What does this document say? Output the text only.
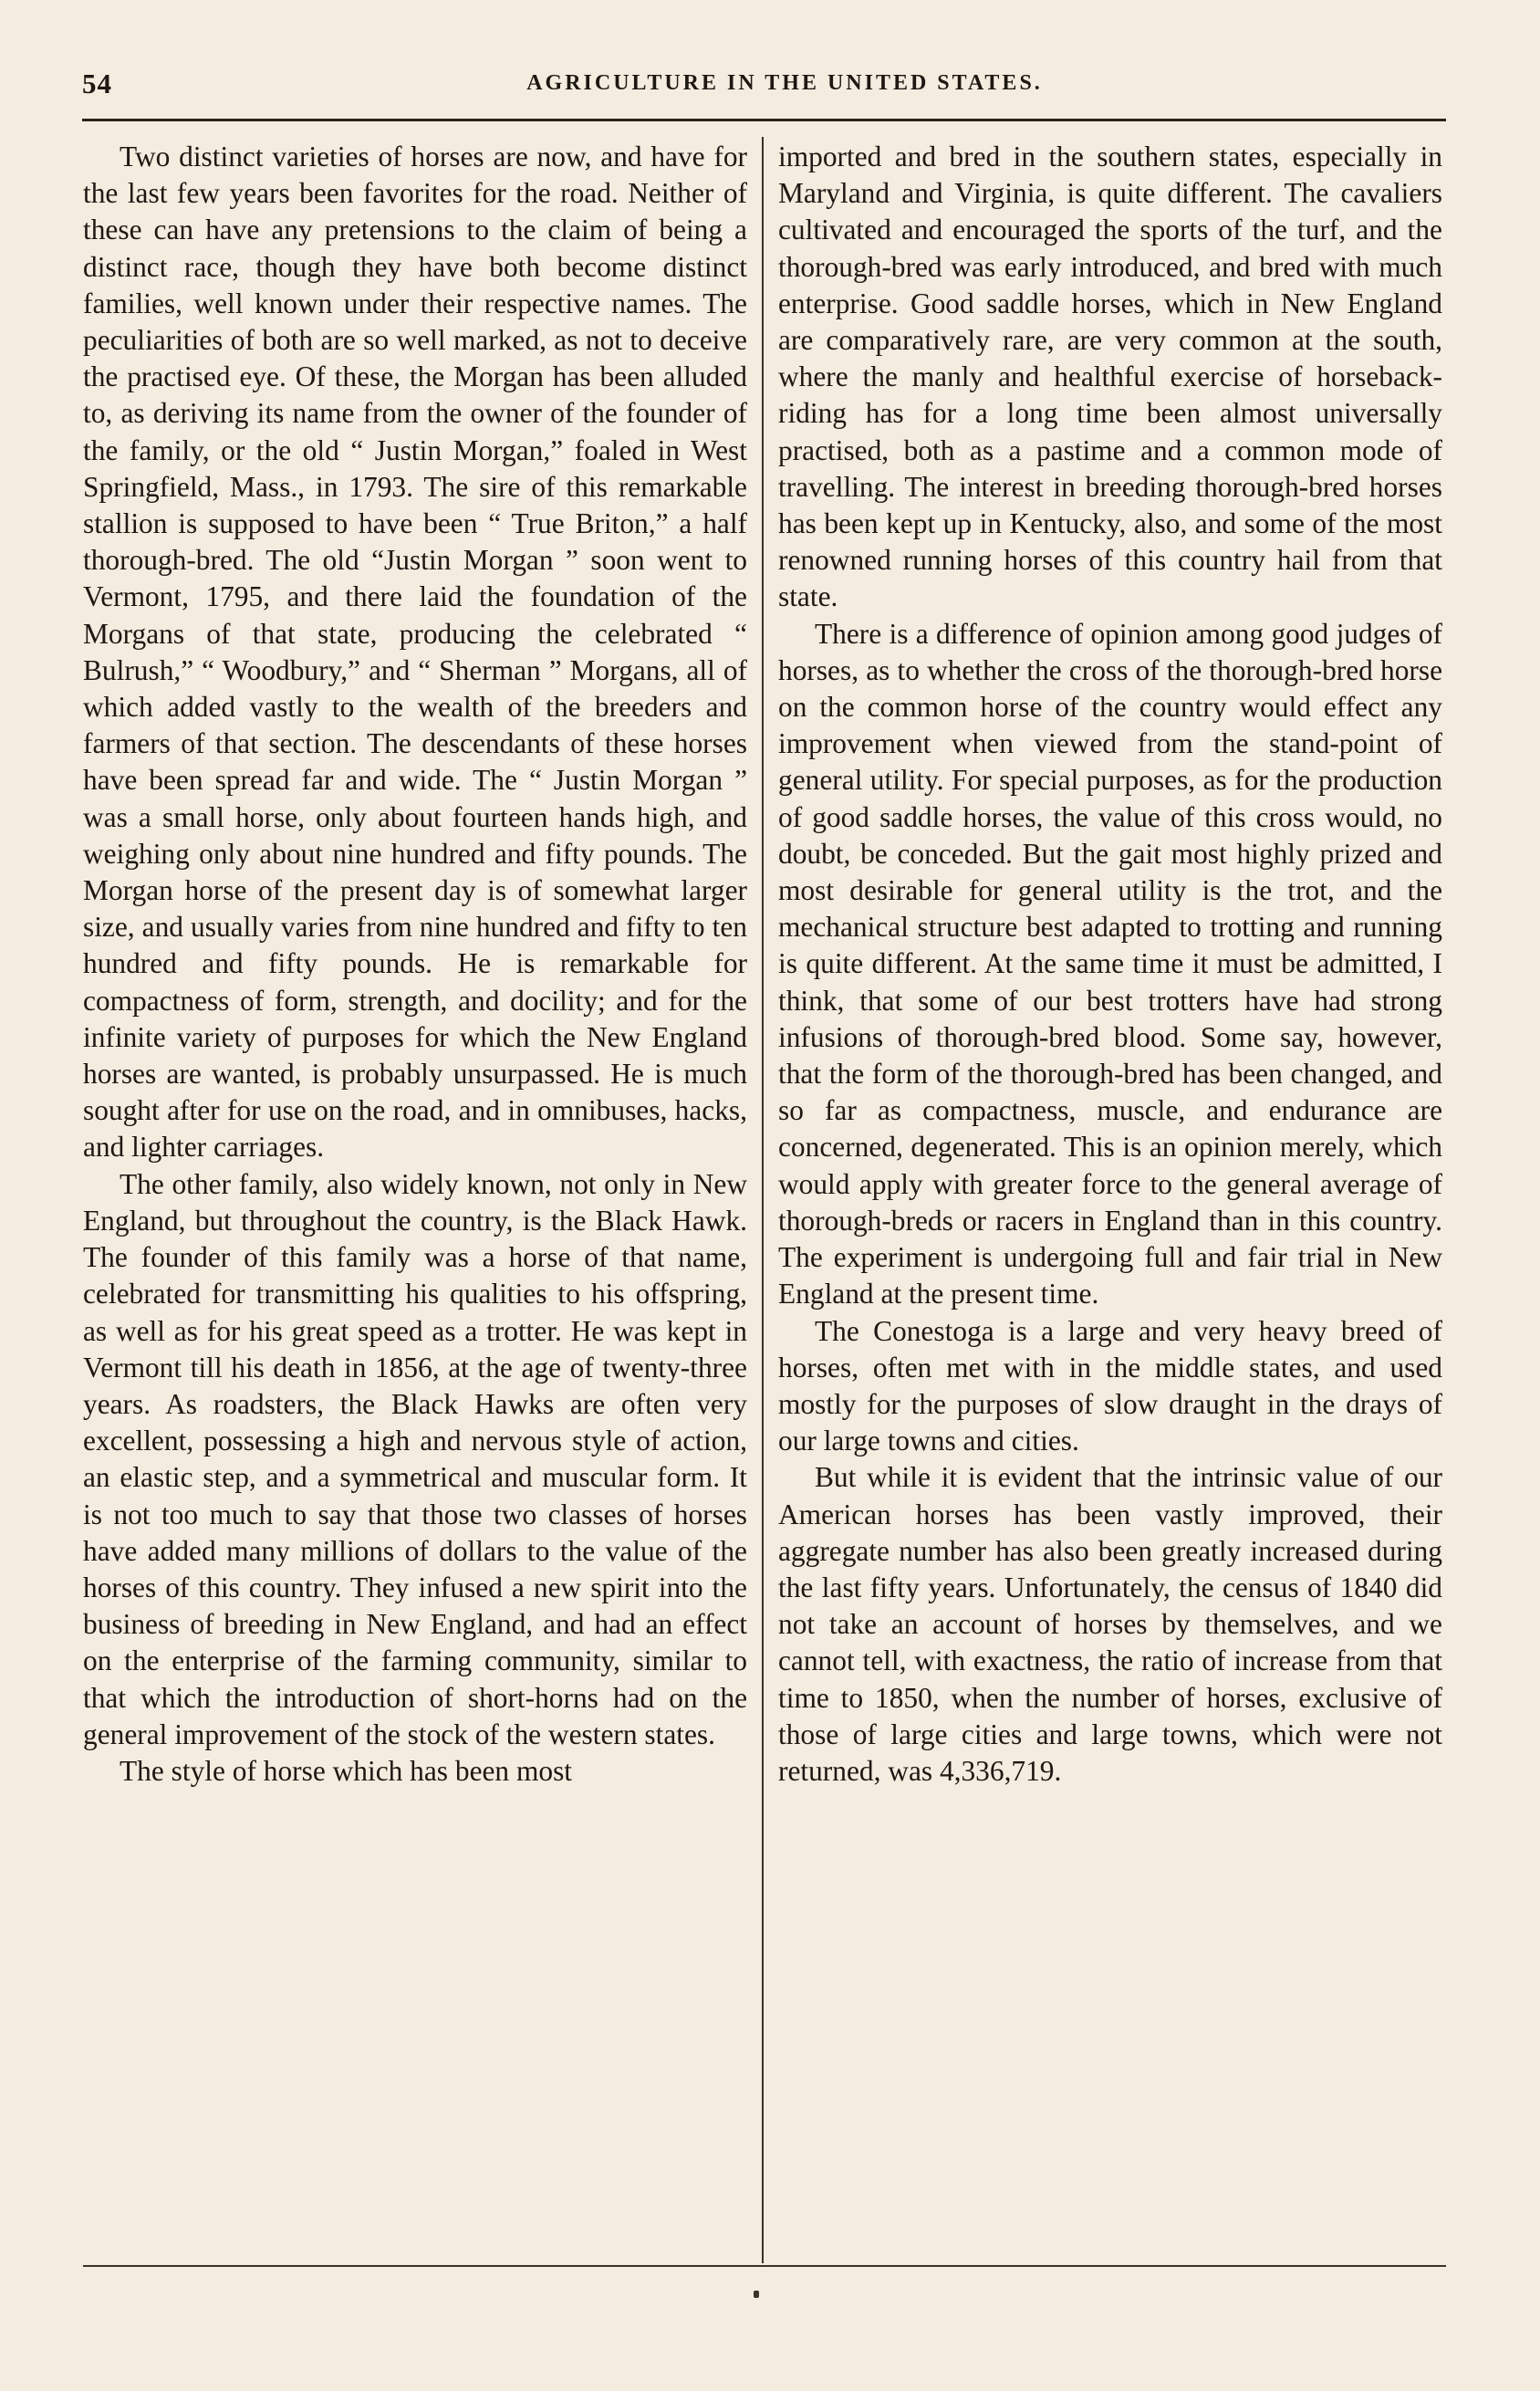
54	AGRICULTURE IN THE UNITED STATES.

Two distinct varieties of horses are now, and have for the last few years been favorites for the road. Neither of these can have any pretensions to the claim of being a distinct race, though they have both become distinct families, well known under their respective names. The peculiarities of both are so well marked, as not to deceive the practised eye. Of these, the Morgan has been alluded to, as deriving its name from the owner of the founder of the family, or the old “ Justin Morgan,” foaled in West Springfield, Mass., in 1793. The sire of this remarkable stallion is supposed to have been “ True Briton,” a half thorough-bred. The old “Justin Morgan ” soon went to Vermont, 1795, and there laid the foundation of the Morgans of that state, producing the celebrated “ Bulrush,” “ Woodbury,” and “ Sherman ” Morgans, all of which added vastly to the wealth of the breeders and farmers of that section. The descendants of these horses have been spread far and wide. The “ Justin Morgan ” was a small horse, only about fourteen hands high, and weighing only about nine hundred and fifty pounds. The Morgan horse of the present day is of somewhat larger size, and usually varies from nine hundred and fifty to ten hundred and fifty pounds. He is remarkable for compactness of form, strength, and docility; and for the infinite variety of purposes for which the New England horses are wanted, is probably unsurpassed. He is much sought after for use on the road, and in omnibuses, hacks, and lighter carriages.

The other family, also widely known, not only in New England, but throughout the country, is the Black Hawk. The founder of this family was a horse of that name, celebrated for transmitting his qualities to his offspring, as well as for his great speed as a trotter. He was kept in Vermont till his death in 1856, at the age of twenty-three years. As roadsters, the Black Hawks are often very excellent, possessing a high and nervous style of action, an elastic step, and a symmetrical and muscular form. It is not too much to say that those two classes of horses have added many millions of dollars to the value of the horses of this country. They infused a new spirit into the business of breeding in New England, and had an effect on the enterprise of the farming community, similar to that which the introduction of short-horns had on the general improvement of the stock of the western states.

The style of horse which has been most

imported and bred in the southern states, especially in Maryland and Virginia, is quite different. The cavaliers cultivated and encouraged the sports of the turf, and the thorough-bred was early introduced, and bred with much enterprise. Good saddle horses, which in New England are comparatively rare, are very common at the south, where the manly and healthful exercise of horseback-riding has for a long time been almost universally practised, both as a pastime and a common mode of travelling. The interest in breeding thorough-bred horses has been kept up in Kentucky, also, and some of the most renowned running horses of this country hail from that state.

There is a difference of opinion among good judges of horses, as to whether the cross of the thorough-bred horse on the common horse of the country would effect any improvement when viewed from the stand-point of general utility. For special purposes, as for the production of good saddle horses, the value of this cross would, no doubt, be conceded. But the gait most highly prized and most desirable for general utility is the trot, and the mechanical structure best adapted to trotting and running is quite different. At the same time it must be admitted, I think, that some of our best trotters have had strong infusions of thorough-bred blood. Some say, however, that the form of the thorough-bred has been changed, and so far as compactness, muscle, and endurance are concerned, degenerated. This is an opinion merely, which would apply with greater force to the general average of thorough-breds or racers in England than in this country. The experiment is undergoing full and fair trial in New England at the present time.

The Conestoga is a large and very heavy breed of horses, often met with in the middle states, and used mostly for the purposes of slow draught in the drays of our large towns and cities.

But while it is evident that the intrinsic value of our American horses has been vastly improved, their aggregate number has also been greatly increased during the last fifty years. Unfortunately, the census of 1840 did not take an account of horses by themselves, and we cannot tell, with exactness, the ratio of increase from that time to 1850, when the number of horses, exclusive of those of large cities and large towns, which were not returned, was 4,336,719.
